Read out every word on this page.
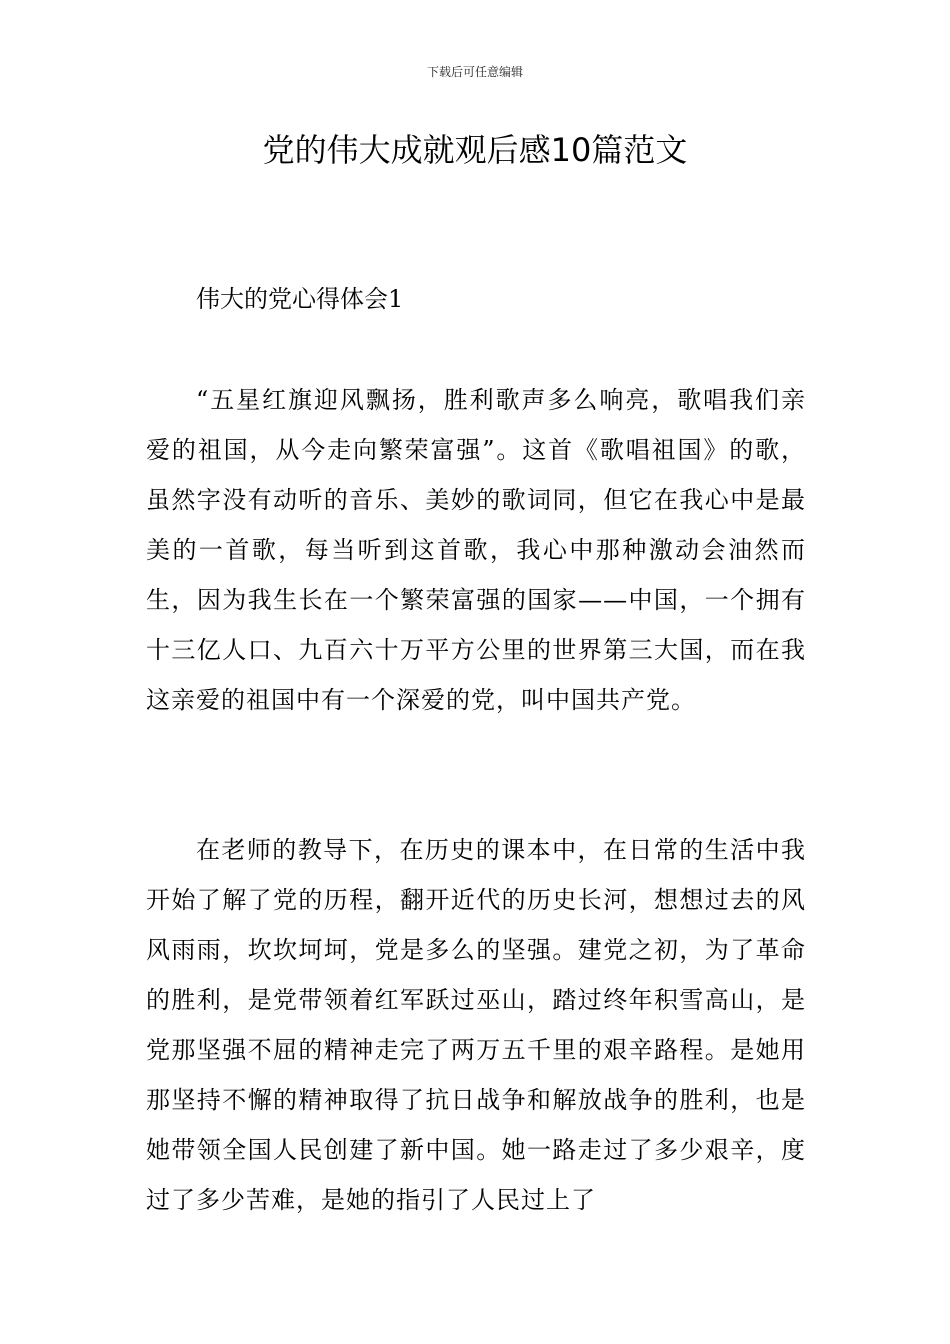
下载后可任意编辑
党的伟大成就观后感10篇范文

伟大的党心得体会1

“五星红旗迎风飘扬，胜利歌声多么响亮，歌唱我们亲爱的祖国，从今走向繁荣富强”。这首《歌唱祖国》的歌，虽然字没有动听的音乐、美妙的歌词同，但它在我心中是最美的一首歌，每当听到这首歌，我心中那种激动会油然而生，因为我生长在一个繁荣富强的国家——中国，一个拥有十三亿人口、九百六十万平方公里的世界第三大国，而在我这亲爱的祖国中有一个深爱的党，叫中国共产党。

在老师的教导下，在历史的课本中，在日常的生活中我开始了解了党的历程，翻开近代的历史长河，想想过去的风风雨雨，坎坎坷坷，党是多么的坚强。建党之初，为了革命的胜利，是党带领着红军跃过巫山，踏过终年积雪高山，是党那坚强不屈的精神走完了两万五千里的艰辛路程。是她用那坚持不懈的精神取得了抗日战争和解放战争的胜利，也是她带领全国人民创建了新中国。她一路走过了多少艰辛，度过了多少苦难，是她的指引了人民过上了
